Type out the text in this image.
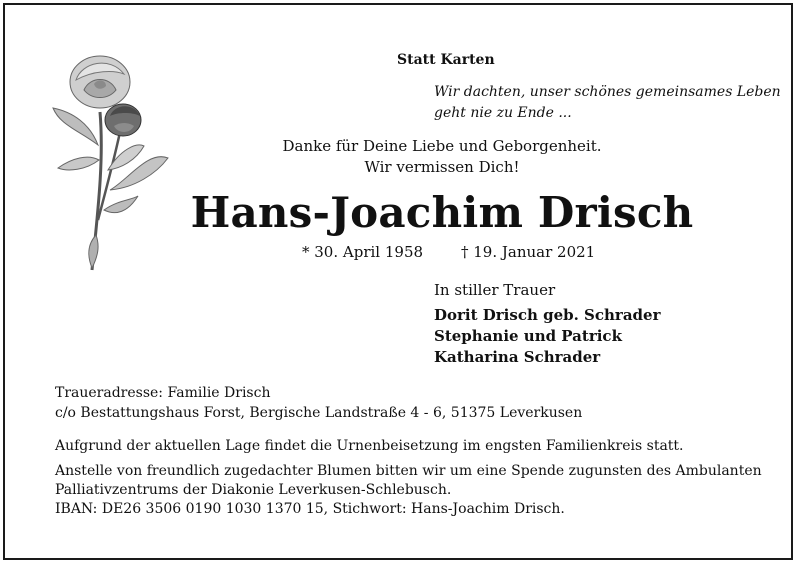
Statt Karten
Wir dachten, unser schönes gemeinsames Leben
geht nie zu Ende ...
Danke für Deine Liebe und Geborgenheit.
Wir vermissen Dich!
Hans-Joachim Drisch
* 30. April 1958	† 19. Januar 2021
In stiller Trauer
Dorit Drisch geb. Schrader
Stephanie und Patrick
Katharina Schrader
Traueradresse: Familie Drisch
c/o Bestattungshaus Forst, Bergische Landstraße 4 - 6, 51375 Leverkusen
Aufgrund der aktuellen Lage findet die Urnenbeisetzung im engsten Familienkreis statt.
Anstelle von freundlich zugedachter Blumen bitten wir um eine Spende zugunsten des Ambulanten
Palliativzentrums der Diakonie Leverkusen-Schlebusch.
IBAN: DE26 3506 0190 1030 1370 15, Stichwort: Hans-Joachim Drisch.
